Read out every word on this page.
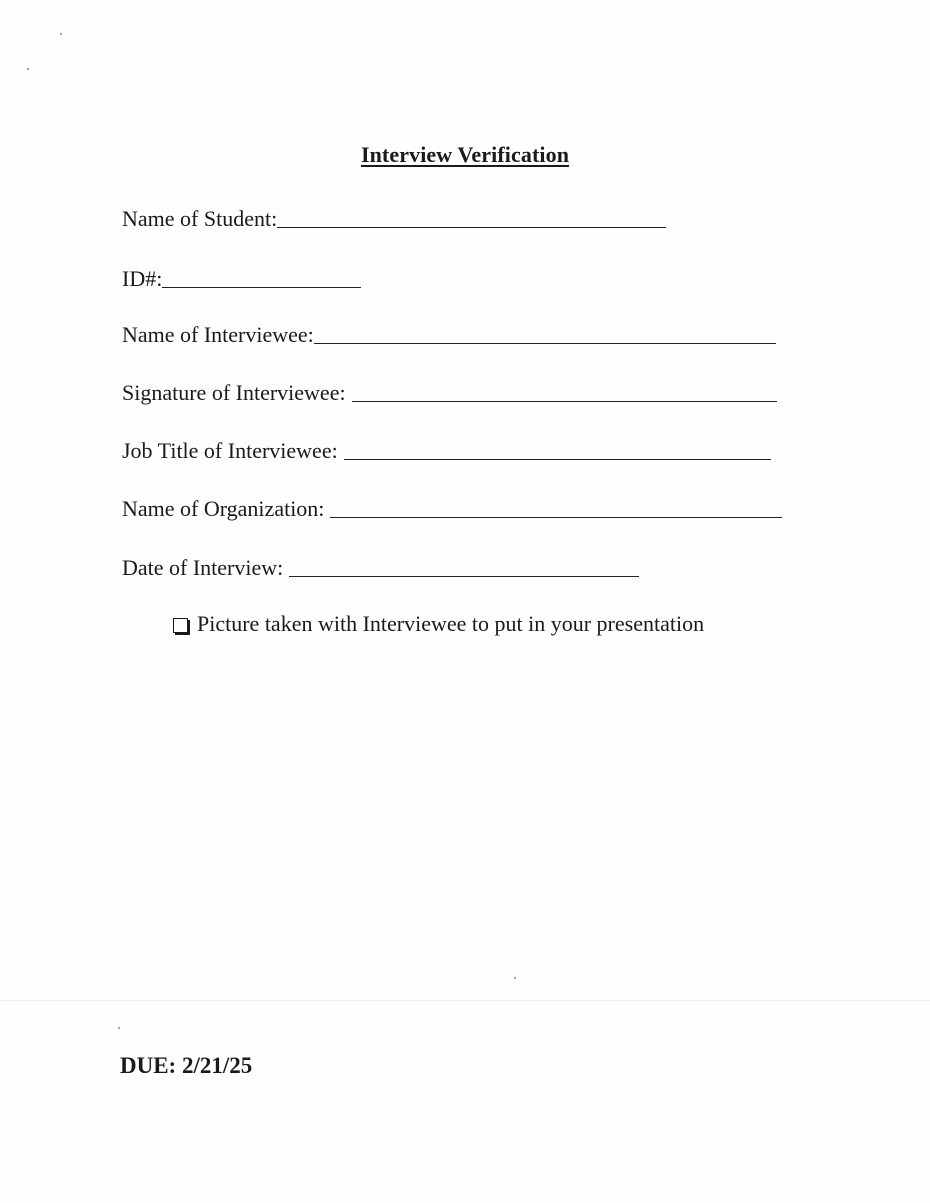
Interview Verification
Name of Student:
ID#:
Name of Interviewee:
Signature of Interviewee:
Job Title of Interviewee:
Name of Organization:
Date of Interview:
Picture taken with Interviewee to put in your presentation
DUE: 2/21/25
